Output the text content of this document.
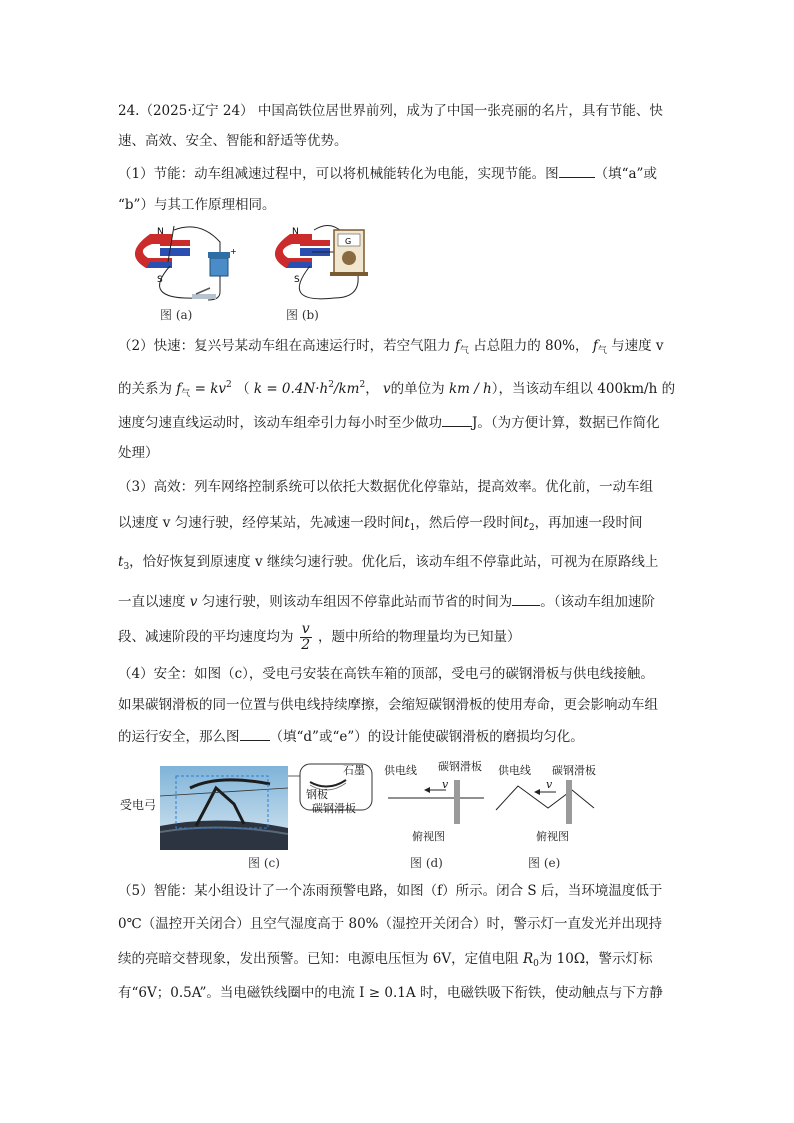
24.（2025·辽宁 24） 中国高铁位居世界前列，成为了中国一张亮丽的名片，具有节能、快
速、高效、安全、智能和舒适等优势。
（1）节能：动车组减速过程中，可以将机械能转化为电能，实现节能。图	（填“a”或
“b”）与其工作原理相同。
N
S
+
N
S
G
图 (a)	图 (b)
（2）快速：复兴号某动车组在高速运行时，若空气阻力 $f_气$ 占总阻力的 80%， $f_气$ 与速度 v
的关系为 $f_气 = kv^2$ （ $k = 0.4N\cdot h^2/km^2$， v的单位为 km / h），当该动车组以 400km/h 的
速度匀速直线运动时，该动车组牵引力每小时至少做功 J。（为方便计算，数据已作简化
处理）
（3）高效：列车网络控制系统可以依托大数据优化停靠站，提高效率。优化前，一动车组
以速度 v 匀速行驶，经停某站，先减速一段时间$t_1$，然后停一段时间$t_2$，再加速一段时间
$t_3$，恰好恢复到原速度 v 继续匀速行驶。优化后，该动车组不停靠此站，可视为在原路线上
一直以速度 v 匀速行驶，则该动车组因不停靠此站而节省的时间为 。（该动车组加速阶
段、减速阶段的平均速度均为 $\frac{v}{2}$ ，题中所给的物理量均为已知量）
（4）安全：如图（c），受电弓安装在高铁车箱的顶部，受电弓的碳钢滑板与供电线接触。
如果碳钢滑板的同一位置与供电线持续摩擦，会缩短碳钢滑板的使用寿命，更会影响动车组
的运行安全，那么图 （填“d”或“e”）的设计能使碳钢滑板的磨损均匀化。
受电弓
石墨
钢板
碳钢滑板
图 (c)
供电线 碳钢滑板
v
俯视图
图 (d)
供电线 碳钢滑板
v
俯视图
图 (e)
（5）智能：某小组设计了一个冻雨预警电路，如图（f）所示。闭合 S 后，当环境温度低于
0℃（温控开关闭合）且空气湿度高于 80%（湿控开关闭合）时，警示灯一直发光并出现持
续的亮暗交替现象，发出预警。已知：电源电压恒为 6V，定值电阻 $R_0$为 10Ω，警示灯标
有“6V；0.5A”。当电磁铁线圈中的电流 I ≥ 0.1A 时，电磁铁吸下衔铁，使动触点与下方静
